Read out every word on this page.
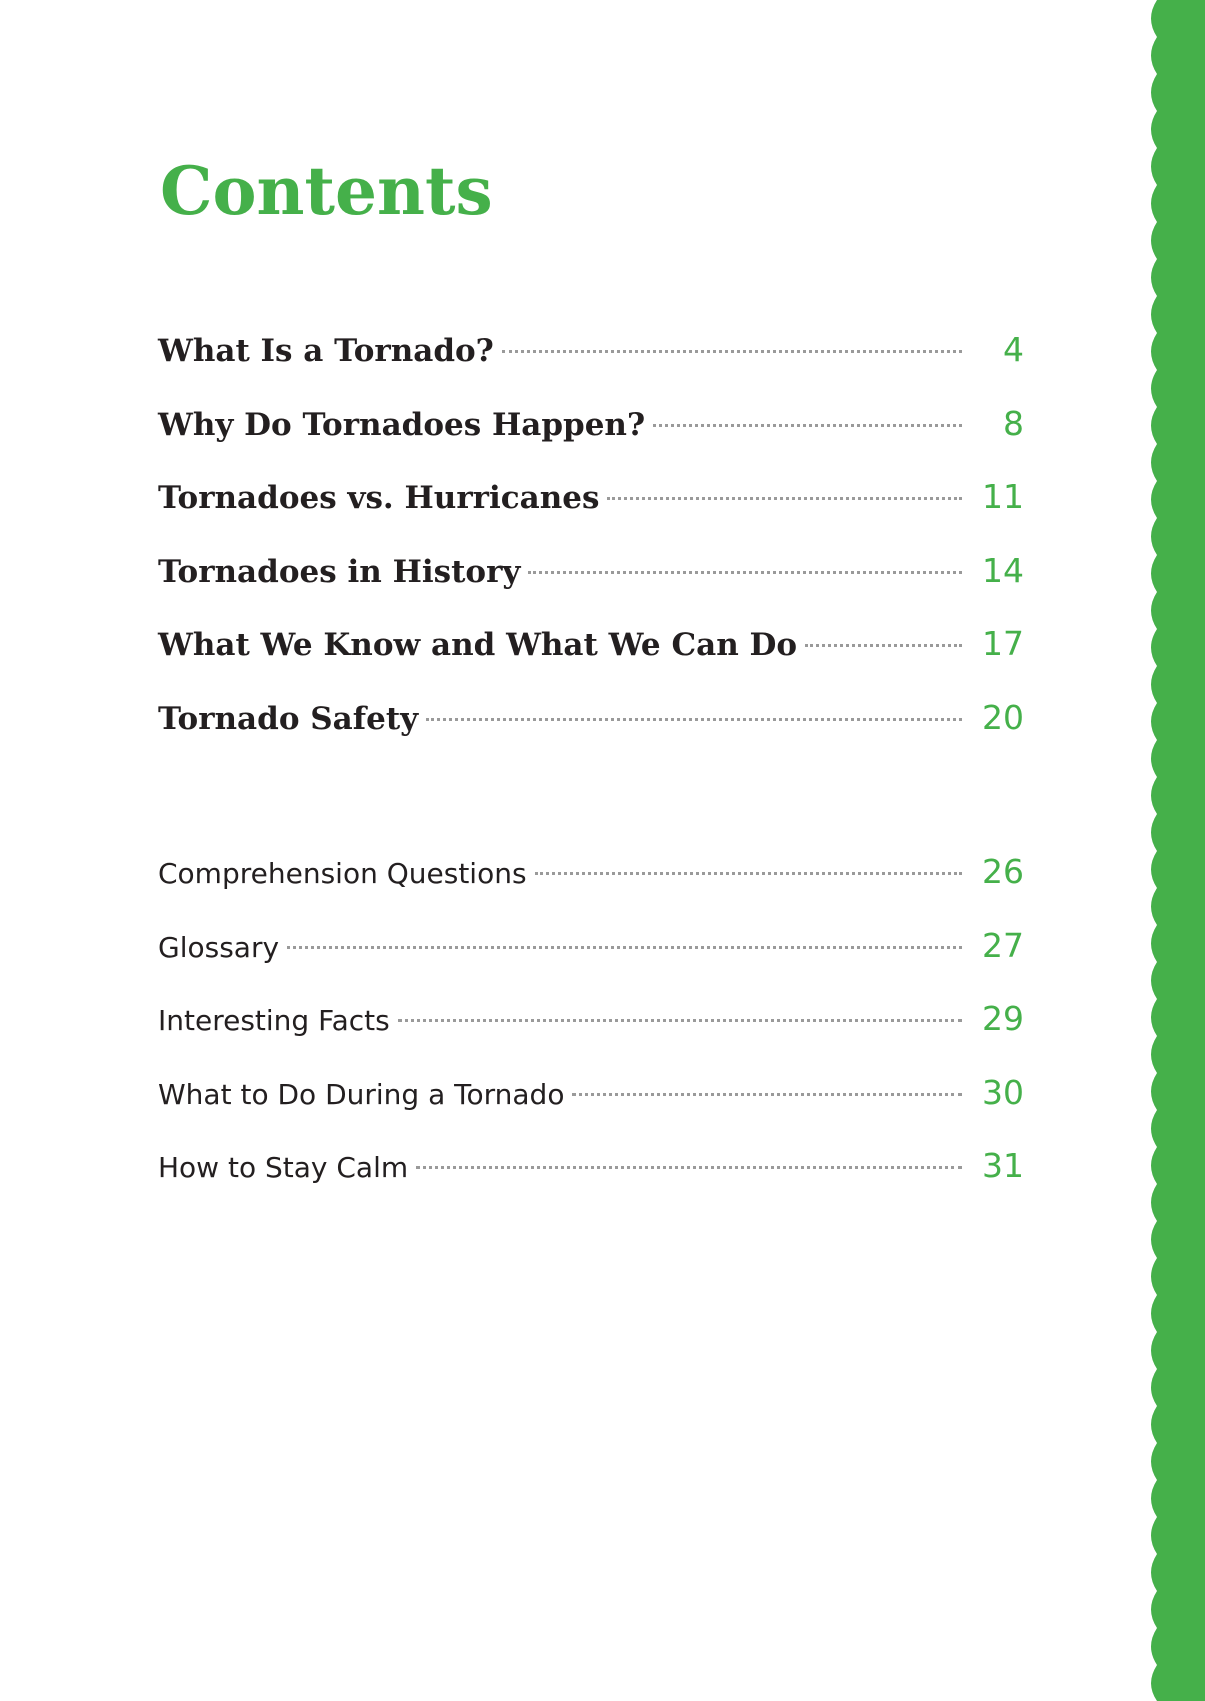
Contents
What Is a Tornado?	4
Why Do Tornadoes Happen?	8
Tornadoes vs. Hurricanes	11
Tornadoes in History	14
What We Know and What We Can Do	17
Tornado Safety	20
Comprehension Questions	26
Glossary	27
Interesting Facts	29
What to Do During a Tornado	30
How to Stay Calm	31
